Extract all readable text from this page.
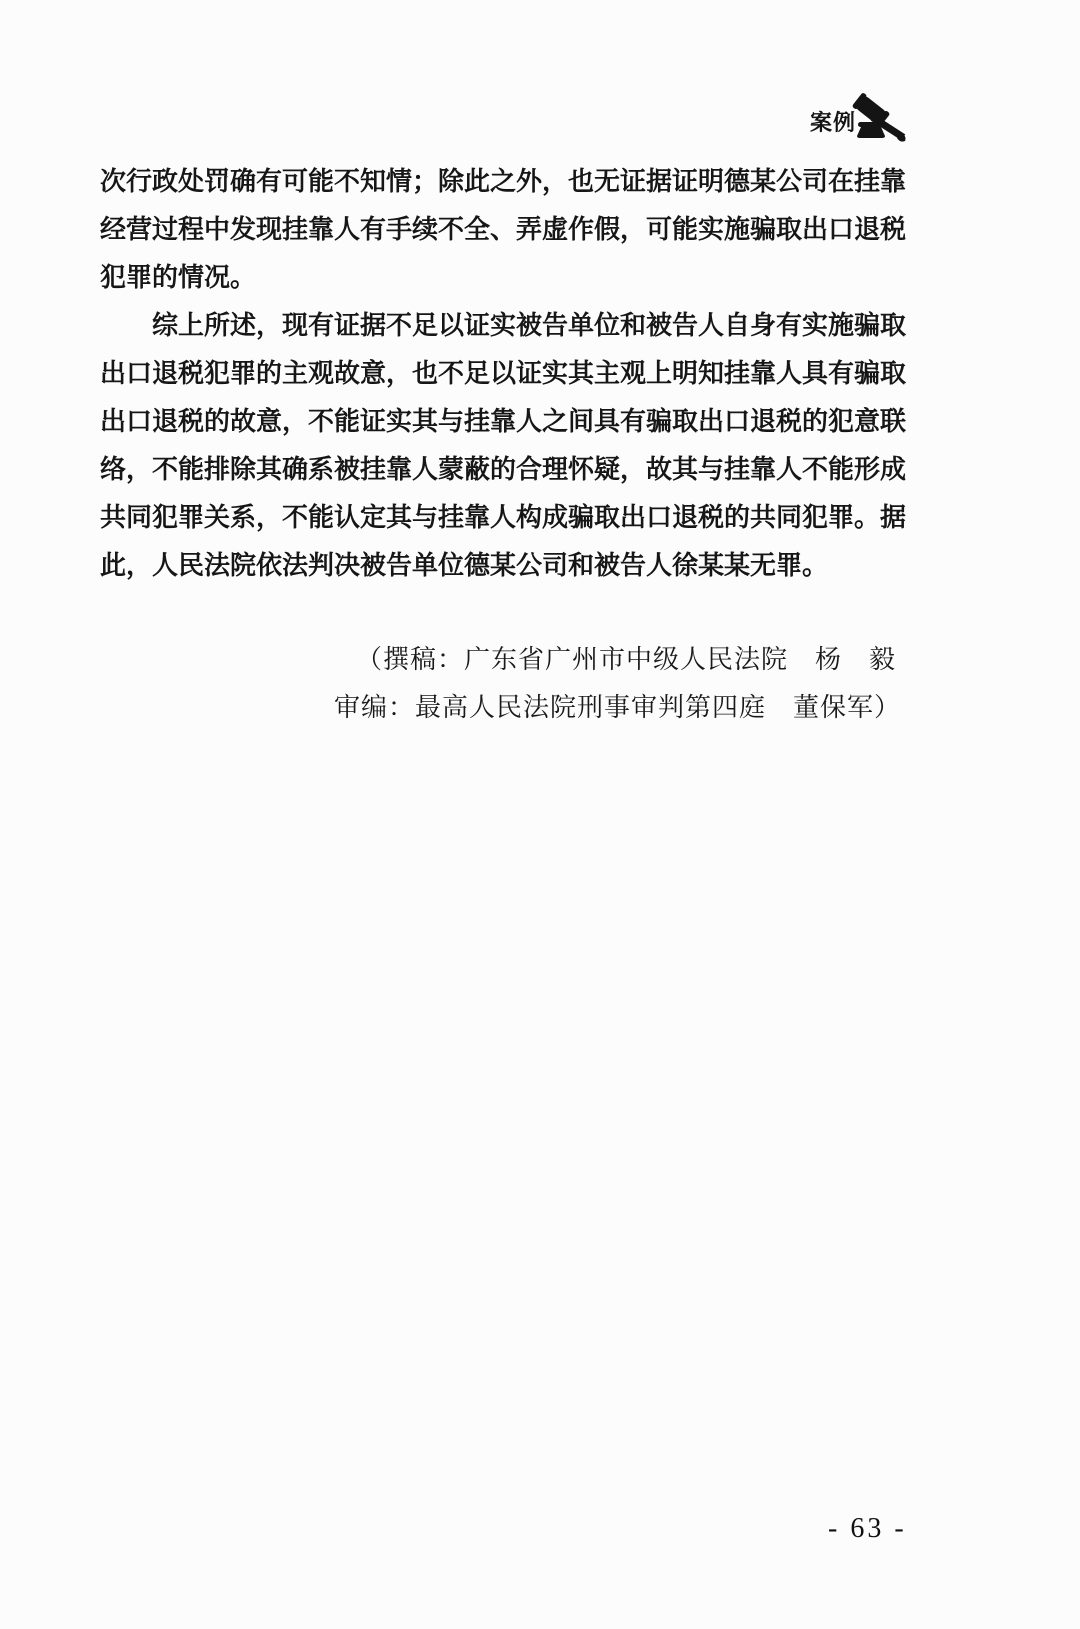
案例
次行政处罚确有可能不知情；除此之外，也无证据证明德某公司在挂靠
经营过程中发现挂靠人有手续不全、弄虚作假，可能实施骗取出口退税
犯罪的情况。
综上所述，现有证据不足以证实被告单位和被告人自身有实施骗取
出口退税犯罪的主观故意，也不足以证实其主观上明知挂靠人具有骗取
出口退税的故意，不能证实其与挂靠人之间具有骗取出口退税的犯意联
络，不能排除其确系被挂靠人蒙蔽的合理怀疑，故其与挂靠人不能形成
共同犯罪关系，不能认定其与挂靠人构成骗取出口退税的共同犯罪。据
此，人民法院依法判决被告单位德某公司和被告人徐某某无罪。
（撰稿：广东省广州市中级人民法院　杨　毅
审编：最高人民法院刑事审判第四庭　董保军）
- 63 -
